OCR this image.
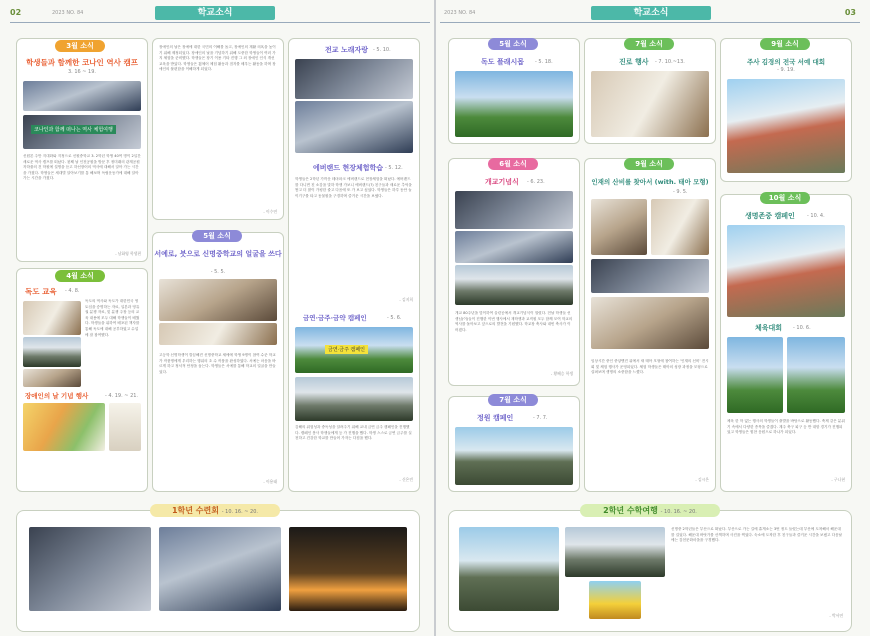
02	2023 NO. 84	학교소식
학생들과 함께한 코나인 역사 캠프
3. 16 ~ 19.
코나인과 함께 떠나는 역사 체험여행
신원본 주만 지대화와 지정으로 신원중학교 3. 2학년 학생 40여 명이 2일간 새로운 역사 캠프를 떠났다. 첫째 날 인천공원을 방문 후 정미래의 관계공원 자하줄의 건 학원에 설명을 듣고 하선장어의 역사에 대해서 알아 가는 시간을 가졌다. 학생들은 세대별 알아보기를 통 해보며 독립운동가에 대해 알아가는 시간을 가졌다.
- 남화영 학생편
3월 소식
독도 교육 - 4. 8.
독도의 역사와 독도가 대한민국 영토임을 증명하는 자료, 일본과 영유권 분쟁 자료, 및 분쟁 주장 등의 교육 내용에 모두 대해 학생들이 배웠다. 학생들을 위하여 배포된 책자를 통해 독도에 대해 공부하였고 수업에 잘 참여했다.
장애인의 날 기념 행사	- 4. 19. ~ 21.
4월 소식
장애인의 날은 장애에 대한 국민의 이해를 돕고, 장애인의 재활 의욕을 높이기 위해 제정되었다. 장애인의 날을 기념하기 위해 도중한 학생들이 여러 가지 체험을 준비했다. 학생들은 장기 이용 기타 진행 그 외 장애인 인식 개선 교육을 받았다. 학생들은 휠체어 체험 활동과 점자를 배우는 활동을 하며 장애인의 불편함을 이해하게 되었다.
- 이수연
서예로, 붓으로 신명중학교의 얼굴을 쓰다
- 5. 5.
고등학 신명학생이 깔끔해진 신명중학교 세에에 학생 9명이 참여 수준 학교가 작품명에게 우리하는 행위의 초 수 작품을 완성하였다. 서예는 마음을 바르게 하고 정서적 안정을 돕는다. 학생들은 서예를 통해 학교의 얼굴을 만들었다.
- 이용태
5월 소식
전교 노래자랑 - 5. 10.
에버랜드 현장체험학습 - 5. 12.
학생들은 2학년 가까운 테마파크 에버랜드로 현장체험을 떠났다. 에버랜드를 다니면 친 소감을 말하 학생 가보니 에버랜드(?) 친구들과 새로운 추억을 쌓고 더 많이 가평한 줄고 다음에 또 가 보고 싶었다. 학생들은 하루 동안 놀이기구를 타고 동물원을 구경하며 즐거운 시간을 보냈다.
- 김지희
금연·금주·금약 캠페인	- 5. 6.
금연·금주 캠페인
김해의 위험성과 중독성을 알려주기 위해 교내 금연 금주 캠페인을 진행했다. 캠페인 봉사 학생들에게 등 가 진행을 했다. 학생 스스로 금연 금주를 실천하고 건강한 학교를 만들어 가자는 다짐을 했다.
- 신은빈
1학년 수련회 - 10. 16. ~ 20.
2023 NO. 84	03
학교소식
독도 플래시몹 - 5. 18.
5월 소식
개교기념식 - 6. 23.
개교 80주년을 맞이하여 올린공에서 개교기념식이 열렸다. 전날 학생들 선생님(이)들이 진행한 이번 행사에서 재학생과 교직원 모두 함께 모여 학교의 역사를 돌아보고 앞으로의 발전을 기원했다. 학교장 축사와 내빈 축사가 이어졌다.
- 황혜승 학생
6월 소식
정원 캠페인	- 7. 7.
7월 소식
진로 행사 - 7. 10.~13.
7월 소식
인재의 산비를 찾아서 (with. 태아 모형)
- 9. 5.
임상시간 중인 중앙엔진 위에서 새 태아 모형에 참여하는 '인재의 신비' 전시회 및 체험 행사가 운영되었다. 체험 학생들은 태아의 성장 과정을 모형으로 살펴보며 생명의 소중함을 느꼈다.
- 김시은
9월 소식
주사 김경의 전국 서예 대회
- 9. 19.
9월 소식
생명존중 캠페인 - 10. 4.
체육대회 - 10. 6.
체육 한 학 없는 행사의 학생들이 출발을 바탕으로 활동했다. 축제 같은 분위기 속에서 다양한 종목을 즐겼다. 계주 축구 피구 등 반 대항 경기가 진행되었고 학생들은 힘찬 응원으로 하나가 되었다.
- 구나현
10월 소식
신명중 2학년들은 부산으로 떠났다. 부산으로 가는 길에 휴게소는 3번 정도 들렸는데 부산에 도착해서 해운대를 걸었다. 해운대 바닷가를 산책하며 사진을 찍었다. 숙소에 도착한 후 친구들과 즐거운 시간을 보냈고 다음날에는 감천문화마을을 구경했다.
- 박서연
2학년 수학여행 - 10. 16. ~ 20.
